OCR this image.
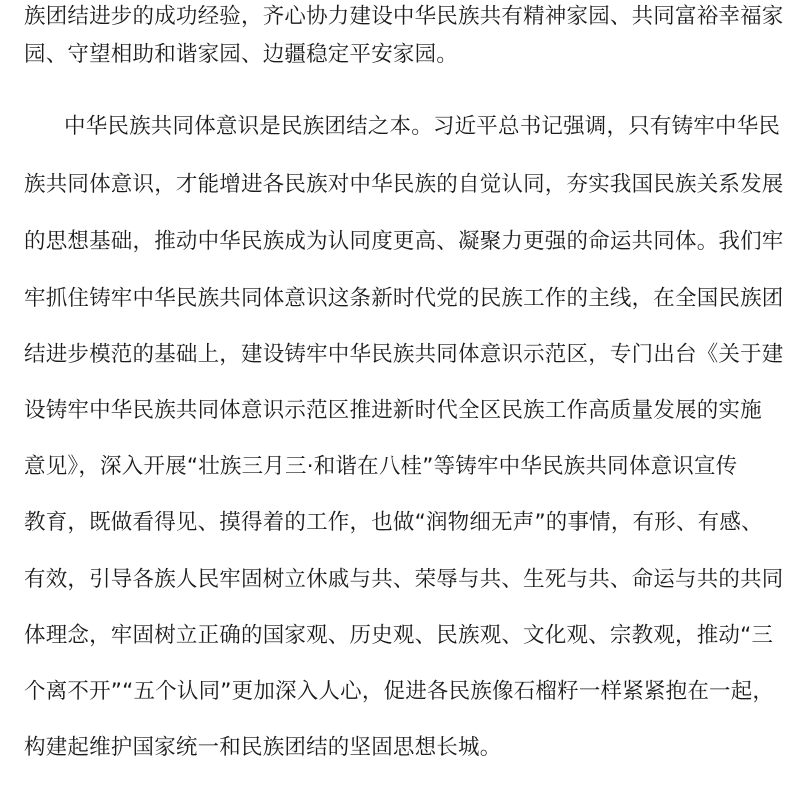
族团结进步的成功经验，齐心协力建设中华民族共有精神家园、共同富裕幸福家
园、守望相助和谐家园、边疆稳定平安家园。
中华民族共同体意识是民族团结之本。习近平总书记强调，只有铸牢中华民
族共同体意识，才能增进各民族对中华民族的自觉认同，夯实我国民族关系发展
的思想基础，推动中华民族成为认同度更高、凝聚力更强的命运共同体。我们牢
牢抓住铸牢中华民族共同体意识这条新时代党的民族工作的主线，在全国民族团
结进步模范的基础上，建设铸牢中华民族共同体意识示范区，专门出台《关于建
设铸牢中华民族共同体意识示范区推进新时代全区民族工作高质量发展的实施
意见》，深入开展“壮族三月三·和谐在八桂”等铸牢中华民族共同体意识宣传
教育，既做看得见、摸得着的工作，也做“润物细无声”的事情，有形、有感、
有效，引导各族人民牢固树立休戚与共、荣辱与共、生死与共、命运与共的共同
体理念，牢固树立正确的国家观、历史观、民族观、文化观、宗教观，推动“三
个离不开”“五个认同”更加深入人心，促进各民族像石榴籽一样紧紧抱在一起，
构建起维护国家统一和民族团结的坚固思想长城。
